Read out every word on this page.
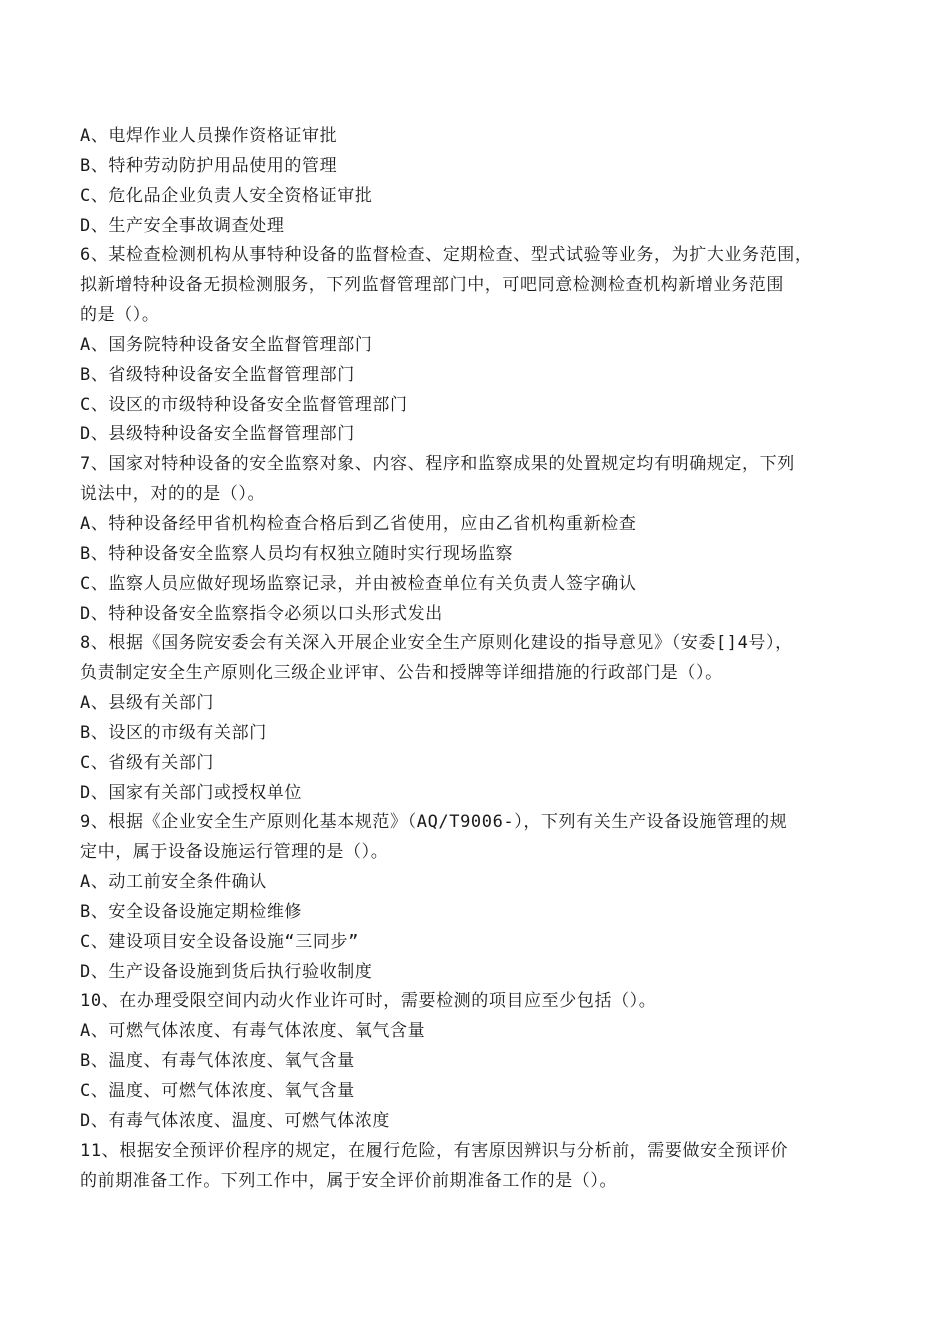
A、电焊作业人员操作资格证审批
B、特种劳动防护用品使用的管理
C、危化品企业负责人安全资格证审批
D、生产安全事故调查处理
6、某检查检测机构从事特种设备的监督检查、定期检查、型式试验等业务，为扩大业务范围，
拟新增特种设备无损检测服务，下列监督管理部门中，可吧同意检测检查机构新增业务范围
的是（）。
A、国务院特种设备安全监督管理部门
B、省级特种设备安全监督管理部门
C、设区的市级特种设备安全监督管理部门
D、县级特种设备安全监督管理部门
7、国家对特种设备的安全监察对象、内容、程序和监察成果的处置规定均有明确规定，下列
说法中，对的的是（）。
A、特种设备经甲省机构检查合格后到乙省使用，应由乙省机构重新检查
B、特种设备安全监察人员均有权独立随时实行现场监察
C、监察人员应做好现场监察记录，并由被检查单位有关负责人签字确认
D、特种设备安全监察指令必须以口头形式发出
8、根据《国务院安委会有关深入开展企业安全生产原则化建设的指导意见》（安委[]4号），
负责制定安全生产原则化三级企业评审、公告和授牌等详细措施的行政部门是（）。
A、县级有关部门
B、设区的市级有关部门
C、省级有关部门
D、国家有关部门或授权单位
9、根据《企业安全生产原则化基本规范》（AQ/T9006-），下列有关生产设备设施管理的规
定中，属于设备设施运行管理的是（）。
A、动工前安全条件确认
B、安全设备设施定期检维修
C、建设项目安全设备设施“三同步”
D、生产设备设施到货后执行验收制度
10、在办理受限空间内动火作业许可时，需要检测的项目应至少包括（）。
A、可燃气体浓度、有毒气体浓度、氧气含量
B、温度、有毒气体浓度、氧气含量
C、温度、可燃气体浓度、氧气含量
D、有毒气体浓度、温度、可燃气体浓度
11、根据安全预评价程序的规定，在履行危险，有害原因辨识与分析前，需要做安全预评价
的前期准备工作。下列工作中，属于安全评价前期准备工作的是（）。
